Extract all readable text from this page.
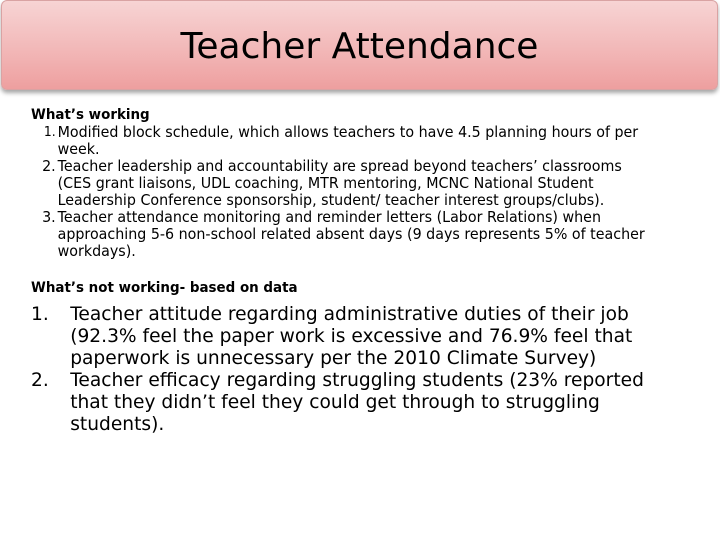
Teacher Attendance
What’s working
1. Modified block schedule, which allows teachers to have 4.5 planning hours of per week.
2. Teacher leadership and accountability are spread beyond teachers’ classrooms (CES grant liaisons, UDL coaching, MTR mentoring, MCNC National Student Leadership Conference sponsorship, student/ teacher interest groups/clubs).
3. Teacher attendance monitoring and reminder letters (Labor Relations) when approaching 5-6 non-school related absent days (9 days represents 5% of teacher workdays).
What’s not working- based on data
1.	Teacher attitude regarding administrative duties of their job (92.3% feel the paper work is excessive and 76.9% feel that paperwork is unnecessary per the 2010 Climate Survey)
2.	Teacher efficacy regarding struggling students (23% reported that they didn’t feel they could get through to struggling students).
